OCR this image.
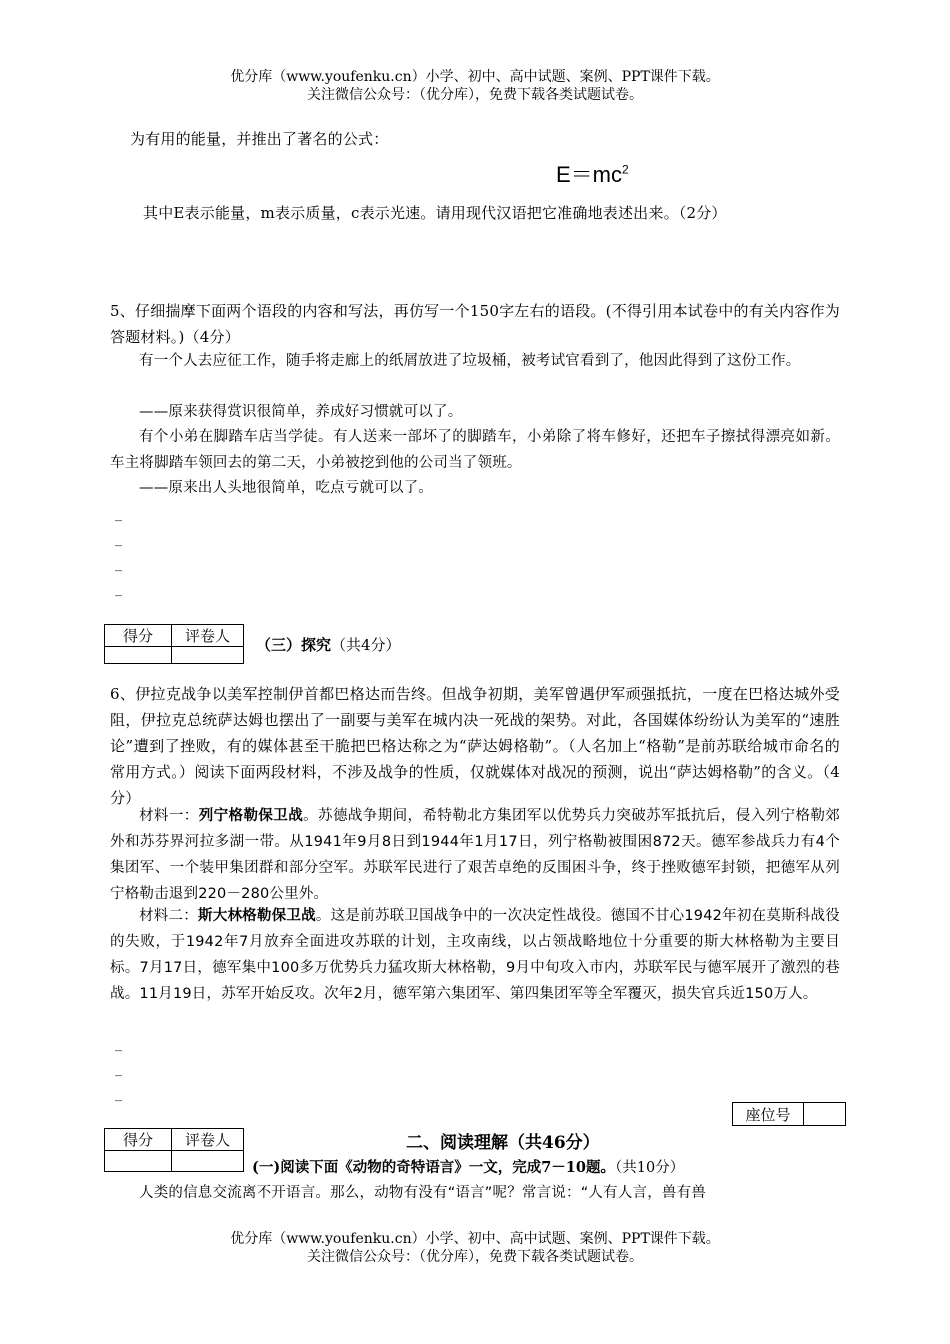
优分库（www.youfenku.cn）小学、初中、高中试题、案例、PPT课件下载。
关注微信公众号：（优分库），免费下载各类试题试卷。
为有用的能量，并推出了著名的公式：
$E=mc^2$
其中E表示能量，m表示质量，c表示光速。请用现代汉语把它准确地表述出来。（2分）
5、仔细揣摩下面两个语段的内容和写法，再仿写一个150字左右的语段。(不得引用本试卷中的有关内容作为答题材料。)（4分）
有一个人去应征工作，随手将走廊上的纸屑放进了垃圾桶，被考试官看到了，他因此得到了这份工作。
——原来获得赏识很简单，养成好习惯就可以了。
有个小弟在脚踏车店当学徒。有人送来一部坏了的脚踏车，小弟除了将车修好，还把车子擦拭得漂亮如新。车主将脚踏车领回去的第二天，小弟被挖到他的公司当了领班。
——原来出人头地很简单，吃点亏就可以了。
_
_
_
_
得分	评卷人
	（三）探究（共4分）
6、伊拉克战争以美军控制伊首都巴格达而告终。但战争初期，美军曾遇伊军顽强抵抗，一度在巴格达城外受阻，伊拉克总统萨达姆也摆出了一副要与美军在城内决一死战的架势。对此，各国媒体纷纷认为美军的“速胜论”遭到了挫败，有的媒体甚至干脆把巴格达称之为“萨达姆格勒”。（人名加上“格勒”是前苏联给城市命名的常用方式。）阅读下面两段材料，不涉及战争的性质，仅就媒体对战况的预测，说出“萨达姆格勒”的含义。（4分）
材料一：列宁格勒保卫战。苏德战争期间，希特勒北方集团军以优势兵力突破苏军抵抗后，侵入列宁格勒郊外和苏芬界河拉多湖一带。从1941年9月8日到1944年1月17日，列宁格勒被围困872天。德军参战兵力有4个集团军、一个装甲集团群和部分空军。苏联军民进行了艰苦卓绝的反围困斗争，终于挫败德军封锁，把德军从列宁格勒击退到220－280公里外。
材料二：斯大林格勒保卫战。这是前苏联卫国战争中的一次决定性战役。德国不甘心1942年初在莫斯科战役的失败，于1942年7月放弃全面进攻苏联的计划，主攻南线，以占领战略地位十分重要的斯大林格勒为主要目标。7月17日，德军集中100多万优势兵力猛攻斯大林格勒，9月中旬攻入市内，苏联军民与德军展开了激烈的巷战。11月19日，苏军开始反攻。次年2月，德军第六集团军、第四集团军等全军覆灭，损失官兵近150万人。
_
_
_
座位号	
得分	评卷人
		二、阅读理解（共46分）
(一)阅读下面《动物的奇特语言》一文，完成7－10题。（共10分）
人类的信息交流离不开语言。那么，动物有没有“语言”呢？常言说：“人有人言，兽有兽
优分库（www.youfenku.cn）小学、初中、高中试题、案例、PPT课件下载。
关注微信公众号：（优分库），免费下载各类试题试卷。
